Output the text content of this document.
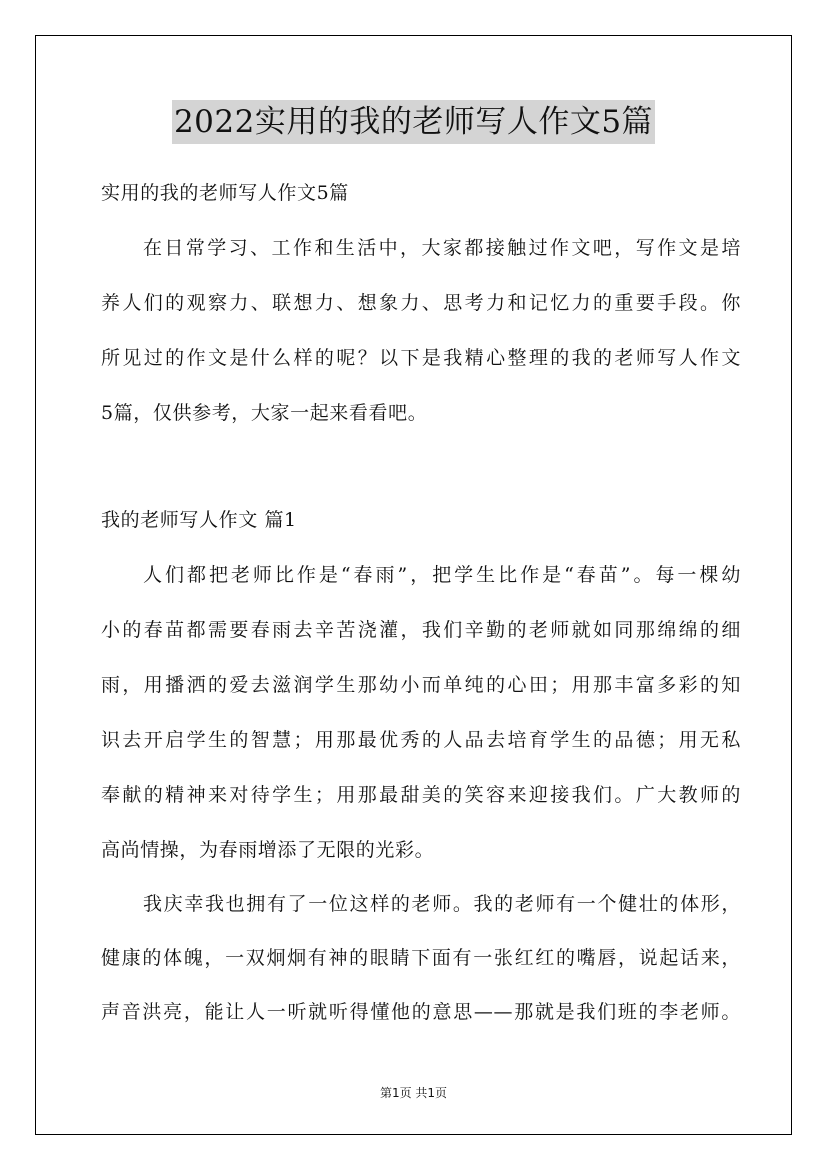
2022实用的我的老师写人作文5篇
实用的我的老师写人作文5篇
在日常学习、工作和生活中，大家都接触过作文吧，写作文是培
养人们的观察力、联想力、想象力、思考力和记忆力的重要手段。你
所见过的作文是什么样的呢？以下是我精心整理的我的老师写人作文
5篇，仅供参考，大家一起来看看吧。
我的老师写人作文 篇1
人们都把老师比作是“春雨”，把学生比作是“春苗”。每一棵幼
小的春苗都需要春雨去辛苦浇灌，我们辛勤的老师就如同那绵绵的细
雨，用播洒的爱去滋润学生那幼小而单纯的心田；用那丰富多彩的知
识去开启学生的智慧；用那最优秀的人品去培育学生的品德；用无私
奉献的精神来对待学生；用那最甜美的笑容来迎接我们。广大教师的
高尚情操，为春雨增添了无限的光彩。
我庆幸我也拥有了一位这样的老师。我的老师有一个健壮的体形，
健康的体魄，一双炯炯有神的眼睛下面有一张红红的嘴唇，说起话来，
声音洪亮，能让人一听就听得懂他的意思——那就是我们班的李老师。
第1页 共1页
